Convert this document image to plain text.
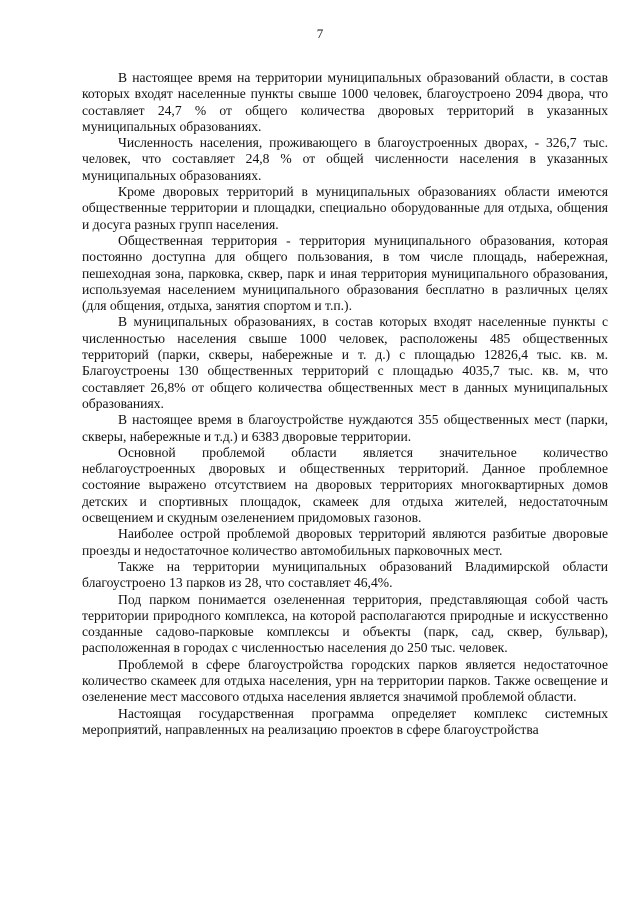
7

В настоящее время на территории муниципальных образований области, в состав которых входят населенные пункты свыше 1000 человек, благоустроено 2094 двора, что составляет 24,7 % от общего количества дворовых территорий в указанных муниципальных образованиях.

Численность населения, проживающего в благоустроенных дворах, - 326,7 тыс. человек, что составляет 24,8 % от общей численности населения в указанных муниципальных образованиях.

Кроме дворовых территорий в муниципальных образованиях области имеются общественные территории и площадки, специально оборудованные для отдыха, общения и досуга разных групп населения.

Общественная территория - территория муниципального образования, которая постоянно доступна для общего пользования, в том числе площадь, набережная, пешеходная зона, парковка, сквер, парк и иная территория муниципального образования, используемая населением муниципального образования бесплатно в различных целях (для общения, отдыха, занятия спортом и т.п.).

В муниципальных образованиях, в состав которых входят населенные пункты с численностью населения свыше 1000 человек, расположены 485 общественных территорий (парки, скверы, набережные и т. д.) с площадью 12826,4 тыс. кв. м. Благоустроены 130 общественных территорий с площадью 4035,7 тыс. кв. м, что составляет 26,8% от общего количества общественных мест в данных муниципальных образованиях.

В настоящее время в благоустройстве нуждаются 355 общественных мест (парки, скверы, набережные и т.д.) и 6383 дворовые территории.

Основной проблемой области является значительное количество неблагоустроенных дворовых и общественных территорий. Данное проблемное состояние выражено отсутствием на дворовых территориях многоквартирных домов детских и спортивных площадок, скамеек для отдыха жителей, недостаточным освещением и скудным озеленением придомовых газонов.

Наиболее острой проблемой дворовых территорий являются разбитые дворовые проезды и недостаточное количество автомобильных парковочных мест.

Также на территории муниципальных образований Владимирской области благоустроено 13 парков из 28, что составляет 46,4%.

Под парком понимается озелененная территория, представляющая собой часть территории природного комплекса, на которой располагаются природные и искусственно созданные садово-парковые комплексы и объекты (парк, сад, сквер, бульвар), расположенная в городах с численностью населения до 250 тыс. человек.

Проблемой в сфере благоустройства городских парков является недостаточное количество скамеек для отдыха населения, урн на территории парков. Также освещение и озеленение мест массового отдыха населения является значимой проблемой области.

Настоящая государственная программа определяет комплекс системных мероприятий, направленных на реализацию проектов в сфере благоустройства
